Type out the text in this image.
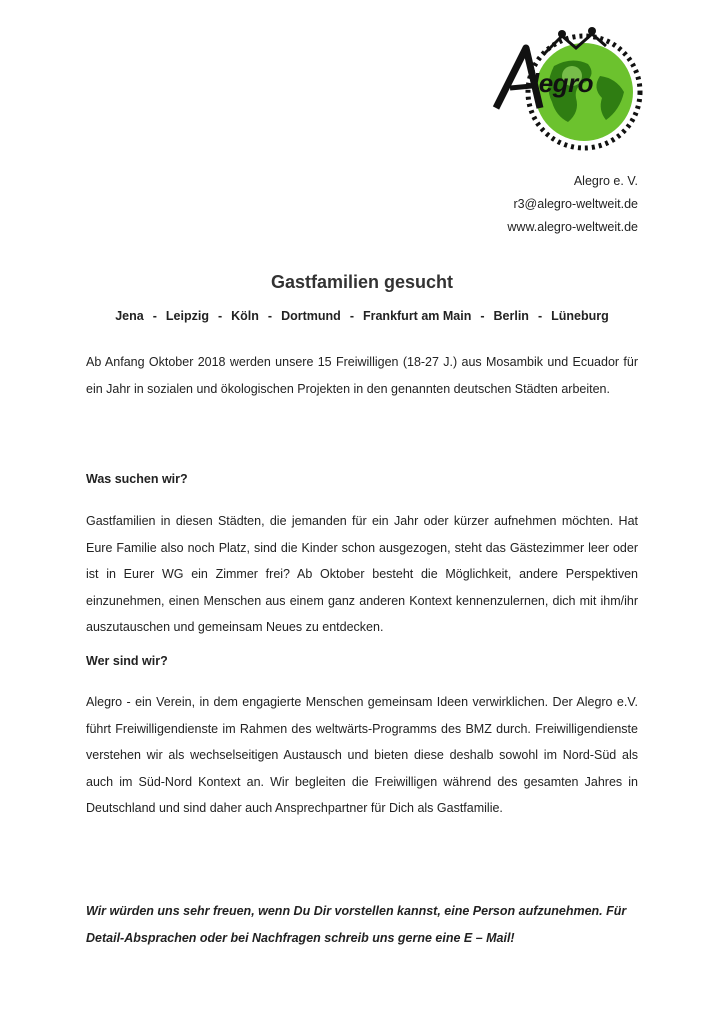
legro
Alegro e. V.
r3@alegro-weltweit.de
www.alegro-weltweit.de
Gastfamilien gesucht
Jena - Leipzig - Köln - Dortmund - Frankfurt am Main - Berlin - Lüneburg

Ab Anfang Oktober 2018 werden unsere 15 Freiwilligen (18-27 J.) aus Mosambik und Ecuador für ein Jahr in sozialen und ökologischen Projekten in den genannten deutschen Städten arbeiten.

Was suchen wir?

Gastfamilien in diesen Städten, die jemanden für ein Jahr oder kürzer aufnehmen möchten. Hat Eure Familie also noch Platz, sind die Kinder schon ausgezogen, steht das Gästezimmer leer oder ist in Eurer WG ein Zimmer frei? Ab Oktober besteht die Möglichkeit, andere Perspektiven einzunehmen, einen Menschen aus einem ganz anderen Kontext kennenzulernen, dich mit ihm/ihr auszutauschen und gemeinsam Neues zu entdecken.

Wer sind wir?

Alegro - ein Verein, in dem engagierte Menschen gemeinsam Ideen verwirklichen. Der Alegro e.V. führt Freiwilligendienste im Rahmen des weltwärts-Programms des BMZ durch. Freiwilligendienste verstehen wir als wechselseitigen Austausch und bieten diese deshalb sowohl im Nord-Süd als auch im Süd-Nord Kontext an. Wir begleiten die Freiwilligen während des gesamten Jahres in Deutschland und sind daher auch Ansprechpartner für Dich als Gastfamilie.

Wir würden uns sehr freuen, wenn Du Dir vorstellen kannst, eine Person aufzunehmen. Für Detail-Absprachen oder bei Nachfragen schreib uns gerne eine E – Mail!
